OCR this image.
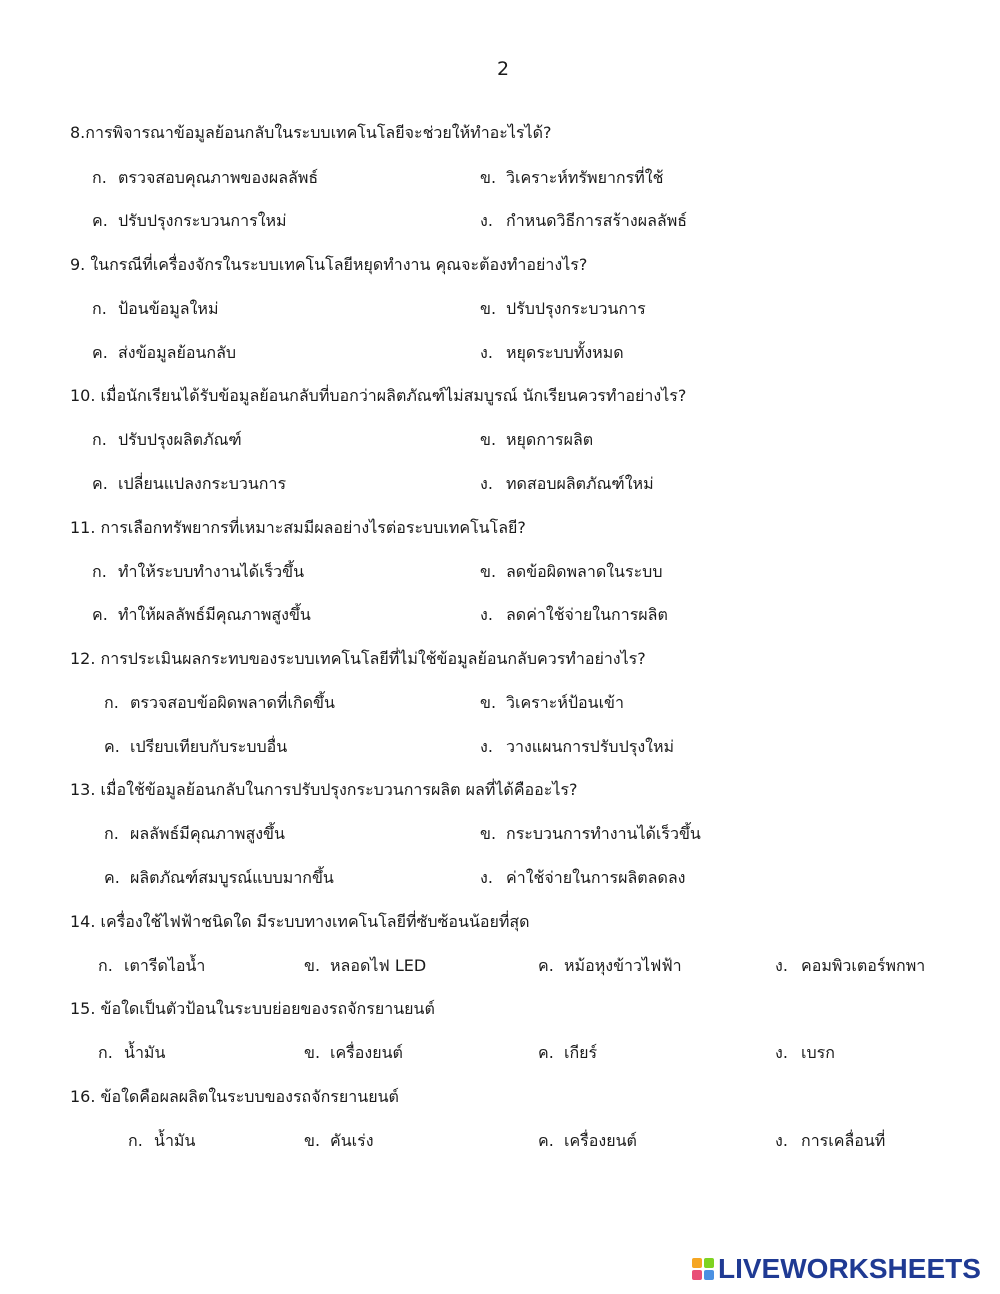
2
8.การพิจารณาข้อมูลย้อนกลับในระบบเทคโนโลยีจะช่วยให้ทำอะไรได้?
ก. ตรวจสอบคุณภาพของผลลัพธ์	ข. วิเคราะห์ทรัพยากรที่ใช้
ค. ปรับปรุงกระบวนการใหม่	ง. กำหนดวิธีการสร้างผลลัพธ์
9. ในกรณีที่เครื่องจักรในระบบเทคโนโลยีหยุดทำงาน คุณจะต้องทำอย่างไร?
ก. ป้อนข้อมูลใหม่	ข. ปรับปรุงกระบวนการ
ค. ส่งข้อมูลย้อนกลับ	ง. หยุดระบบทั้งหมด
10. เมื่อนักเรียนได้รับข้อมูลย้อนกลับที่บอกว่าผลิตภัณฑ์ไม่สมบูรณ์ นักเรียนควรทำอย่างไร?
ก. ปรับปรุงผลิตภัณฑ์	ข. หยุดการผลิต
ค. เปลี่ยนแปลงกระบวนการ	ง. ทดสอบผลิตภัณฑ์ใหม่
11. การเลือกทรัพยากรที่เหมาะสมมีผลอย่างไรต่อระบบเทคโนโลยี?
ก. ทำให้ระบบทำงานได้เร็วขึ้น	ข. ลดข้อผิดพลาดในระบบ
ค. ทำให้ผลลัพธ์มีคุณภาพสูงขึ้น	ง. ลดค่าใช้จ่ายในการผลิต
12. การประเมินผลกระทบของระบบเทคโนโลยีที่ไม่ใช้ข้อมูลย้อนกลับควรทำอย่างไร?
ก. ตรวจสอบข้อผิดพลาดที่เกิดขึ้น	ข. วิเคราะห์ป้อนเข้า
ค. เปรียบเทียบกับระบบอื่น	ง. วางแผนการปรับปรุงใหม่
13. เมื่อใช้ข้อมูลย้อนกลับในการปรับปรุงกระบวนการผลิต ผลที่ได้คืออะไร?
ก. ผลลัพธ์มีคุณภาพสูงขึ้น	ข. กระบวนการทำงานได้เร็วขึ้น
ค. ผลิตภัณฑ์สมบูรณ์แบบมากขึ้น	ง. ค่าใช้จ่ายในการผลิตลดลง
14. เครื่องใช้ไฟฟ้าชนิดใด มีระบบทางเทคโนโลยีที่ซับซ้อนน้อยที่สุด
ก. เตารีดไอน้ำ	ข. หลอดไฟ LED	ค. หม้อหุงข้าวไฟฟ้า	ง. คอมพิวเตอร์พกพา
15. ข้อใดเป็นตัวป้อนในระบบย่อยของรถจักรยานยนต์
ก. น้ำมัน	ข. เครื่องยนต์	ค. เกียร์	ง. เบรก
16. ข้อใดคือผลผลิตในระบบของรถจักรยานยนต์
ก. น้ำมัน	ข. คันเร่ง	ค. เครื่องยนต์	ง. การเคลื่อนที่
LIVEWORKSHEETS
